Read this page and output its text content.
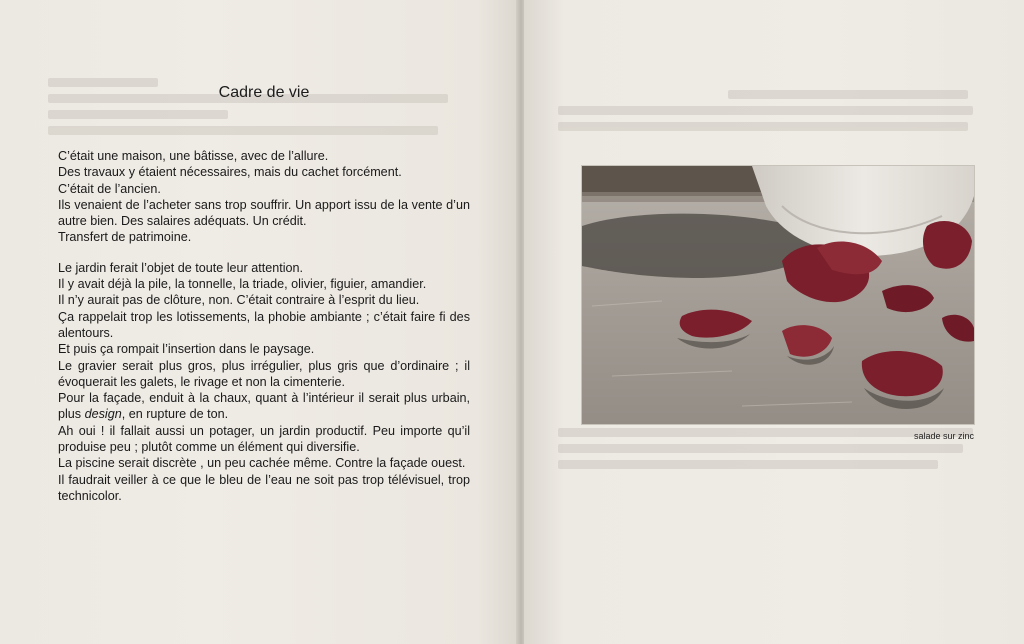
Cadre de vie

C’était une maison, une bâtisse, avec de l’allure.

Des travaux y étaient nécessaires, mais du cachet forcément.

C’était de l’ancien.

Ils venaient de l’acheter sans trop souffrir. Un apport issu de la vente d’un autre bien. Des salaires adéquats. Un crédit.

Transfert de patrimoine.

Le jardin ferait l’objet de toute leur attention.

Il y avait déjà la pile, la tonnelle, la triade, olivier, figuier, amandier.

Il n’y aurait pas de clôture, non. C’était contraire à l’esprit du lieu.

Ça rappelait trop les lotissements, la phobie ambiante ; c’était faire fi des alentours.

Et puis ça rompait l’insertion dans le paysage.

Le gravier serait plus gros, plus irrégulier, plus gris que d’ordinaire ; il évoquerait les galets, le rivage et non la cimenterie.

Pour la façade, enduit à la chaux, quant à l’intérieur il serait plus urbain, plus design, en rupture de ton.

Ah oui ! il fallait aussi un potager, un jardin productif. Peu importe qu’il produise peu ; plutôt comme un élément qui diversifie.

La piscine serait discrète , un peu cachée même. Contre la façade ouest.

Il faudrait veiller à ce que le bleu de l’eau ne soit pas trop télévisuel, trop technicolor.

salade sur zinc
